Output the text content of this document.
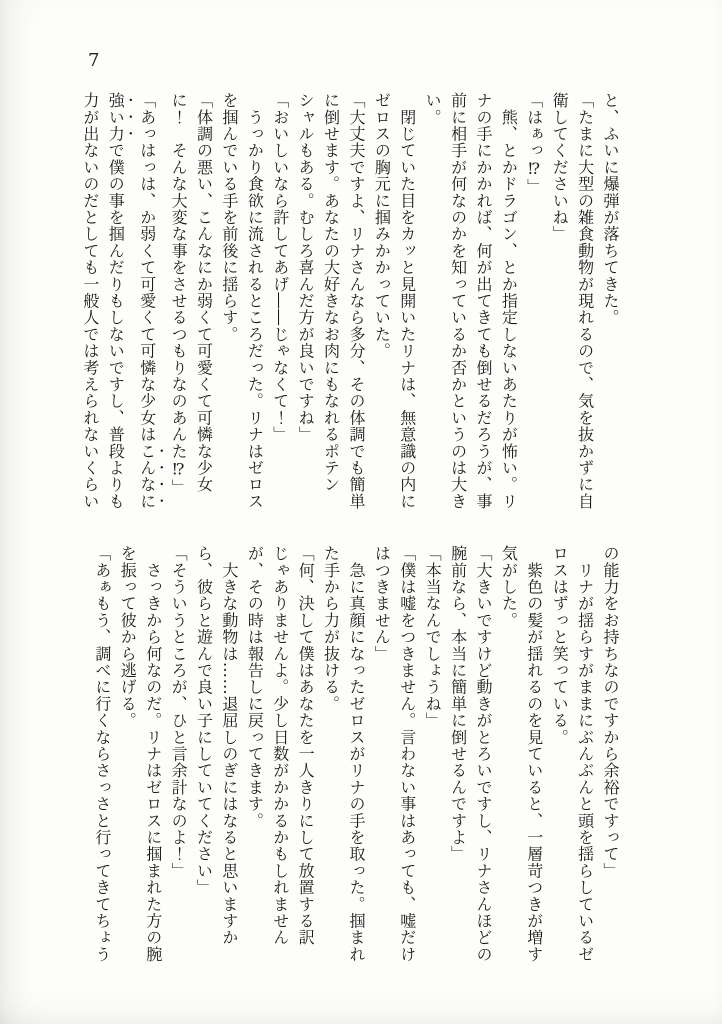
7

と、ふいに爆弾が落ちてきた。

「たまに大型の雑食動物が現れるので、気を抜かずに自

衛してくださいね」

「はぁっ⁉」

　熊、とかドラゴン、とか指定しないあたりが怖い。リ

ナの手にかかれば、何が出てきても倒せるだろうが、事

前に相手が何なのかを知っているか否かというのは大き

い。

　閉じていた目をカッと見開いたリナは、無意識の内に

ゼロスの胸元に掴みかかっていた。

「大丈夫ですよ、リナさんなら多分、その体調でも簡単

に倒せます。あなたの大好きなお肉にもなれるポテン

シャルもある。むしろ喜んだ方が良いですね」

「おいしいなら許してあげ――じゃなくて！」

　うっかり食欲に流されるところだった。リナはゼロス

を掴んでいる手を前後に揺らす。

「体調の悪い、こんなにか弱くて可愛くて可憐な少女

に！　そんな大変な事をさせるつもりなのあんた⁉」

「あっはっは、か弱くて可愛くて可憐な少女はこんなに

強い力で僕の事を掴んだりもしないですし、普段よりも

力が出ないのだとしても一般人では考えられないくらい

の能力をお持ちなのですから余裕ですって」

　リナが揺らすがままにぶんぶんと頭を揺らしているゼ

ロスはずっと笑っている。

　紫色の髪が揺れるのを見ていると、一層苛つきが増す

気がした。

「大きいですけど動きがとろいですし、リナさんほどの

腕前なら、本当に簡単に倒せるんですよ」

「本当なんでしょうね」

「僕は嘘をつきません。言わない事はあっても、嘘だけ

はつきません」

　急に真顔になったゼロスがリナの手を取った。掴まれ

た手から力が抜ける。

「何、決して僕はあなたを一人きりにして放置する訳

じゃありませんよ。少し日数がかかるかもしれません

が、その時は報告しに戻ってきます。

　大きな動物は……退屈しのぎにはなると思いますか

ら、彼らと遊んで良い子にしていてください」

「そういうところが、ひと言余計なのよ！」

　さっきから何なのだ。リナはゼロスに掴まれた方の腕

を振って彼から逃げる。

「あぁもう、調べに行くならさっさと行ってきてちょう
